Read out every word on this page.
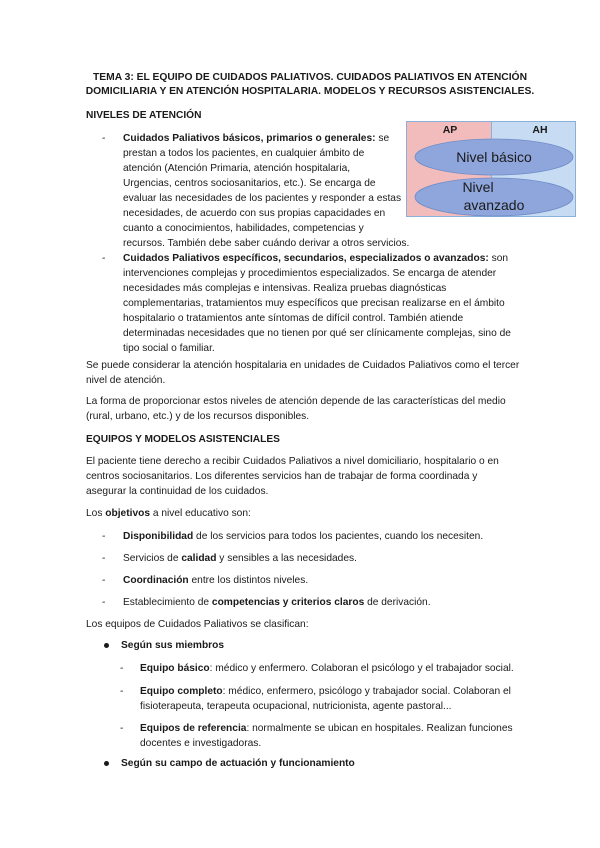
TEMA 3: EL EQUIPO DE CUIDADOS PALIATIVOS. CUIDADOS PALIATIVOS EN ATENCIÓN
DOMICILIARIA Y EN ATENCIÓN HOSPITALARIA. MODELOS Y RECURSOS ASISTENCIALES.
NIVELES DE ATENCIÓN
-	Cuidados Paliativos básicos, primarios o generales: se
prestan a todos los pacientes, en cualquier ámbito de
atención (Atención Primaria, atención hospitalaria,
Urgencias, centros sociosanitarios, etc.). Se encarga de
evaluar las necesidades de los pacientes y responder a estas
necesidades, de acuerdo con sus propias capacidades en
cuanto a conocimientos, habilidades, competencias y
recursos. También debe saber cuándo derivar a otros servicios.
AP	AH
Nivel básico
Nivel
avanzado
-	Cuidados Paliativos específicos, secundarios, especializados o avanzados: son
intervenciones complejas y procedimientos especializados. Se encarga de atender
necesidades más complejas e intensivas. Realiza pruebas diagnósticas
complementarias, tratamientos muy específicos que precisan realizarse en el ámbito
hospitalario o tratamientos ante síntomas de difícil control. También atiende
determinadas necesidades que no tienen por qué ser clínicamente complejas, sino de
tipo social o familiar.
Se puede considerar la atención hospitalaria en unidades de Cuidados Paliativos como el tercer
nivel de atención.
La forma de proporcionar estos niveles de atención depende de las características del medio
(rural, urbano, etc.) y de los recursos disponibles.
EQUIPOS Y MODELOS ASISTENCIALES
El paciente tiene derecho a recibir Cuidados Paliativos a nivel domiciliario, hospitalario o en
centros sociosanitarios. Los diferentes servicios han de trabajar de forma coordinada y
asegurar la continuidad de los cuidados.
Los objetivos a nivel educativo son:
-	Disponibilidad de los servicios para todos los pacientes, cuando los necesiten.
-	Servicios de calidad y sensibles a las necesidades.
-	Coordinación entre los distintos niveles.
-	Establecimiento de competencias y criterios claros de derivación.
Los equipos de Cuidados Paliativos se clasifican:
Según sus miembros
- Equipo básico: médico y enfermero. Colaboran el psicólogo y el trabajador social.
- Equipo completo: médico, enfermero, psicólogo y trabajador social. Colaboran el
fisioterapeuta, terapeuta ocupacional, nutricionista, agente pastoral...
- Equipos de referencia: normalmente se ubican en hospitales. Realizan funciones
docentes e investigadoras.
Según su campo de actuación y funcionamiento
